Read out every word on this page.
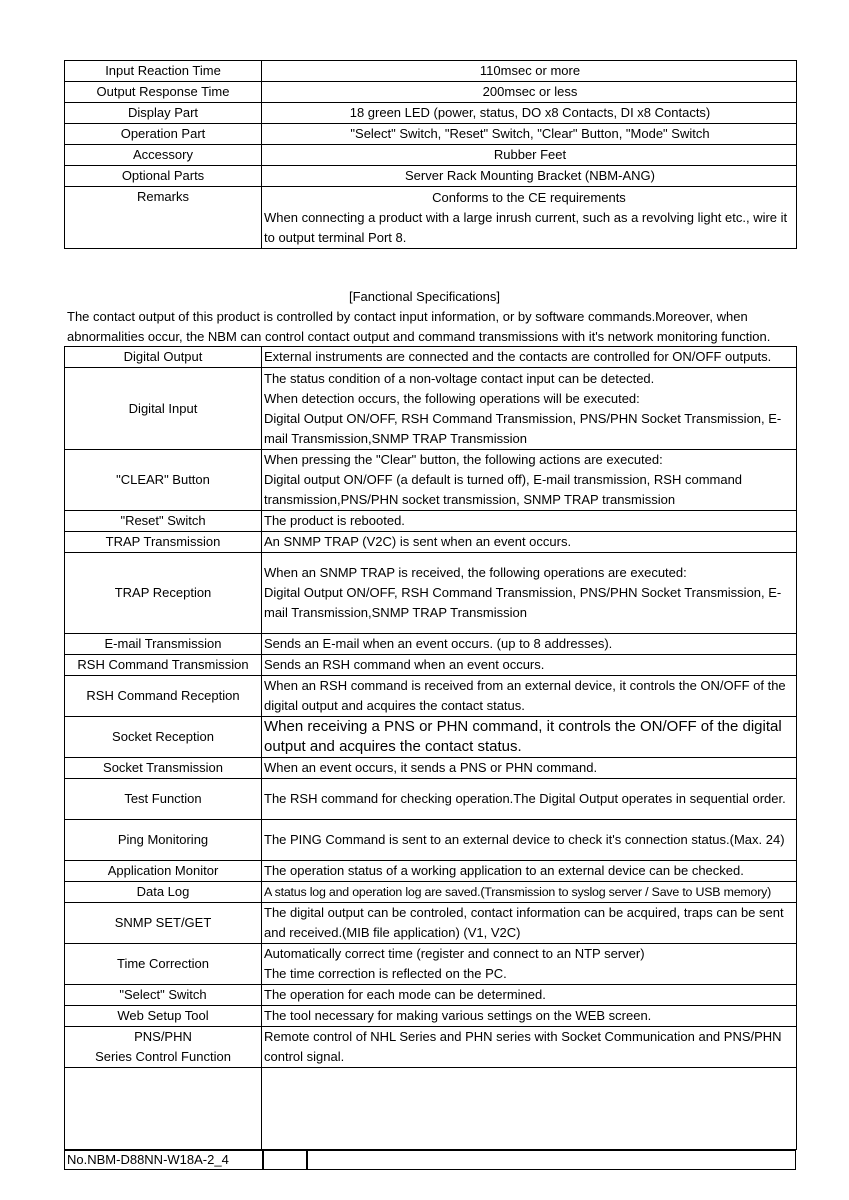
Input Reaction Time	110msec or more
Output Response Time	200msec or less
Display Part	18 green LED (power, status, DO x8 Contacts, DI x8 Contacts)
Operation Part	"Select" Switch, "Reset" Switch, "Clear" Button, "Mode" Switch
Accessory	Rubber Feet
Optional Parts	Server Rack Mounting Bracket (NBM-ANG)
Remarks	Conforms to the CE requirements
When connecting a product with a large inrush current, such as a revolving light etc., wire it
to output terminal Port 8.
[Fanctional Specifications]
The contact output of this product is controlled by contact input information, or by software commands.Moreover, when
abnormalities occur, the NBM can control contact output and command transmissions with it's network monitoring function.
Digital Output	External instruments are connected and the contacts are controlled for ON/OFF outputs.

Digital Input	The status condition of a non-voltage contact input can be detected.
When detection occurs, the following operations will be executed:
Digital Output ON/OFF, RSH Command Transmission, PNS/PHN Socket Transmission, E-
mail Transmission,SNMP TRAP Transmission

"CLEAR" Button	When pressing the "Clear" button, the following actions are executed:
Digital output ON/OFF (a default is turned off), E-mail transmission, RSH command
transmission,PNS/PHN socket transmission, SNMP TRAP transmission

"Reset" Switch	The product is rebooted.

TRAP Transmission	An SNMP TRAP (V2C) is sent when an event occurs.

TRAP Reception	When an SNMP TRAP is received, the following operations are executed:
Digital Output ON/OFF, RSH Command Transmission, PNS/PHN Socket Transmission, E-
mail Transmission,SNMP TRAP Transmission

E-mail Transmission	Sends an E-mail when an event occurs. (up to 8 addresses).

RSH Command Transmission	Sends an RSH command when an event occurs.

RSH Command Reception	When an RSH command is received from an external device, it controls the ON/OFF of the
digital output and acquires the contact status.

Socket Reception	When receiving a PNS or PHN command, it controls the ON/OFF of the digital
output and acquires the contact status.

Socket Transmission	When an event occurs, it sends a PNS or PHN command.

Test Function	The RSH command for checking operation.The Digital Output operates in sequential order.

Ping Monitoring	The PING Command is sent to an external device to check it's connection status.(Max. 24)

Application Monitor	The operation status of a working application to an external device can be checked.

Data Log	A status log and operation log are saved.(Transmission to syslog server / Save to USB memory)

SNMP SET/GET	The digital output can be controled, contact information can be acquired, traps can be sent
and received.(MIB file application) (V1, V2C)

Time Correction	Automatically correct time (register and connect to an NTP server)
The time correction is reflected on the PC.

"Select" Switch	The operation for each mode can be determined.

Web Setup Tool	The tool necessary for making various settings on the WEB screen.

PNS/PHN
Series Control Function	Remote control of NHL Series and PHN series with Socket Communication and PNS/PHN
control signal.

No.NBM-D88NN-W18A-2_4
